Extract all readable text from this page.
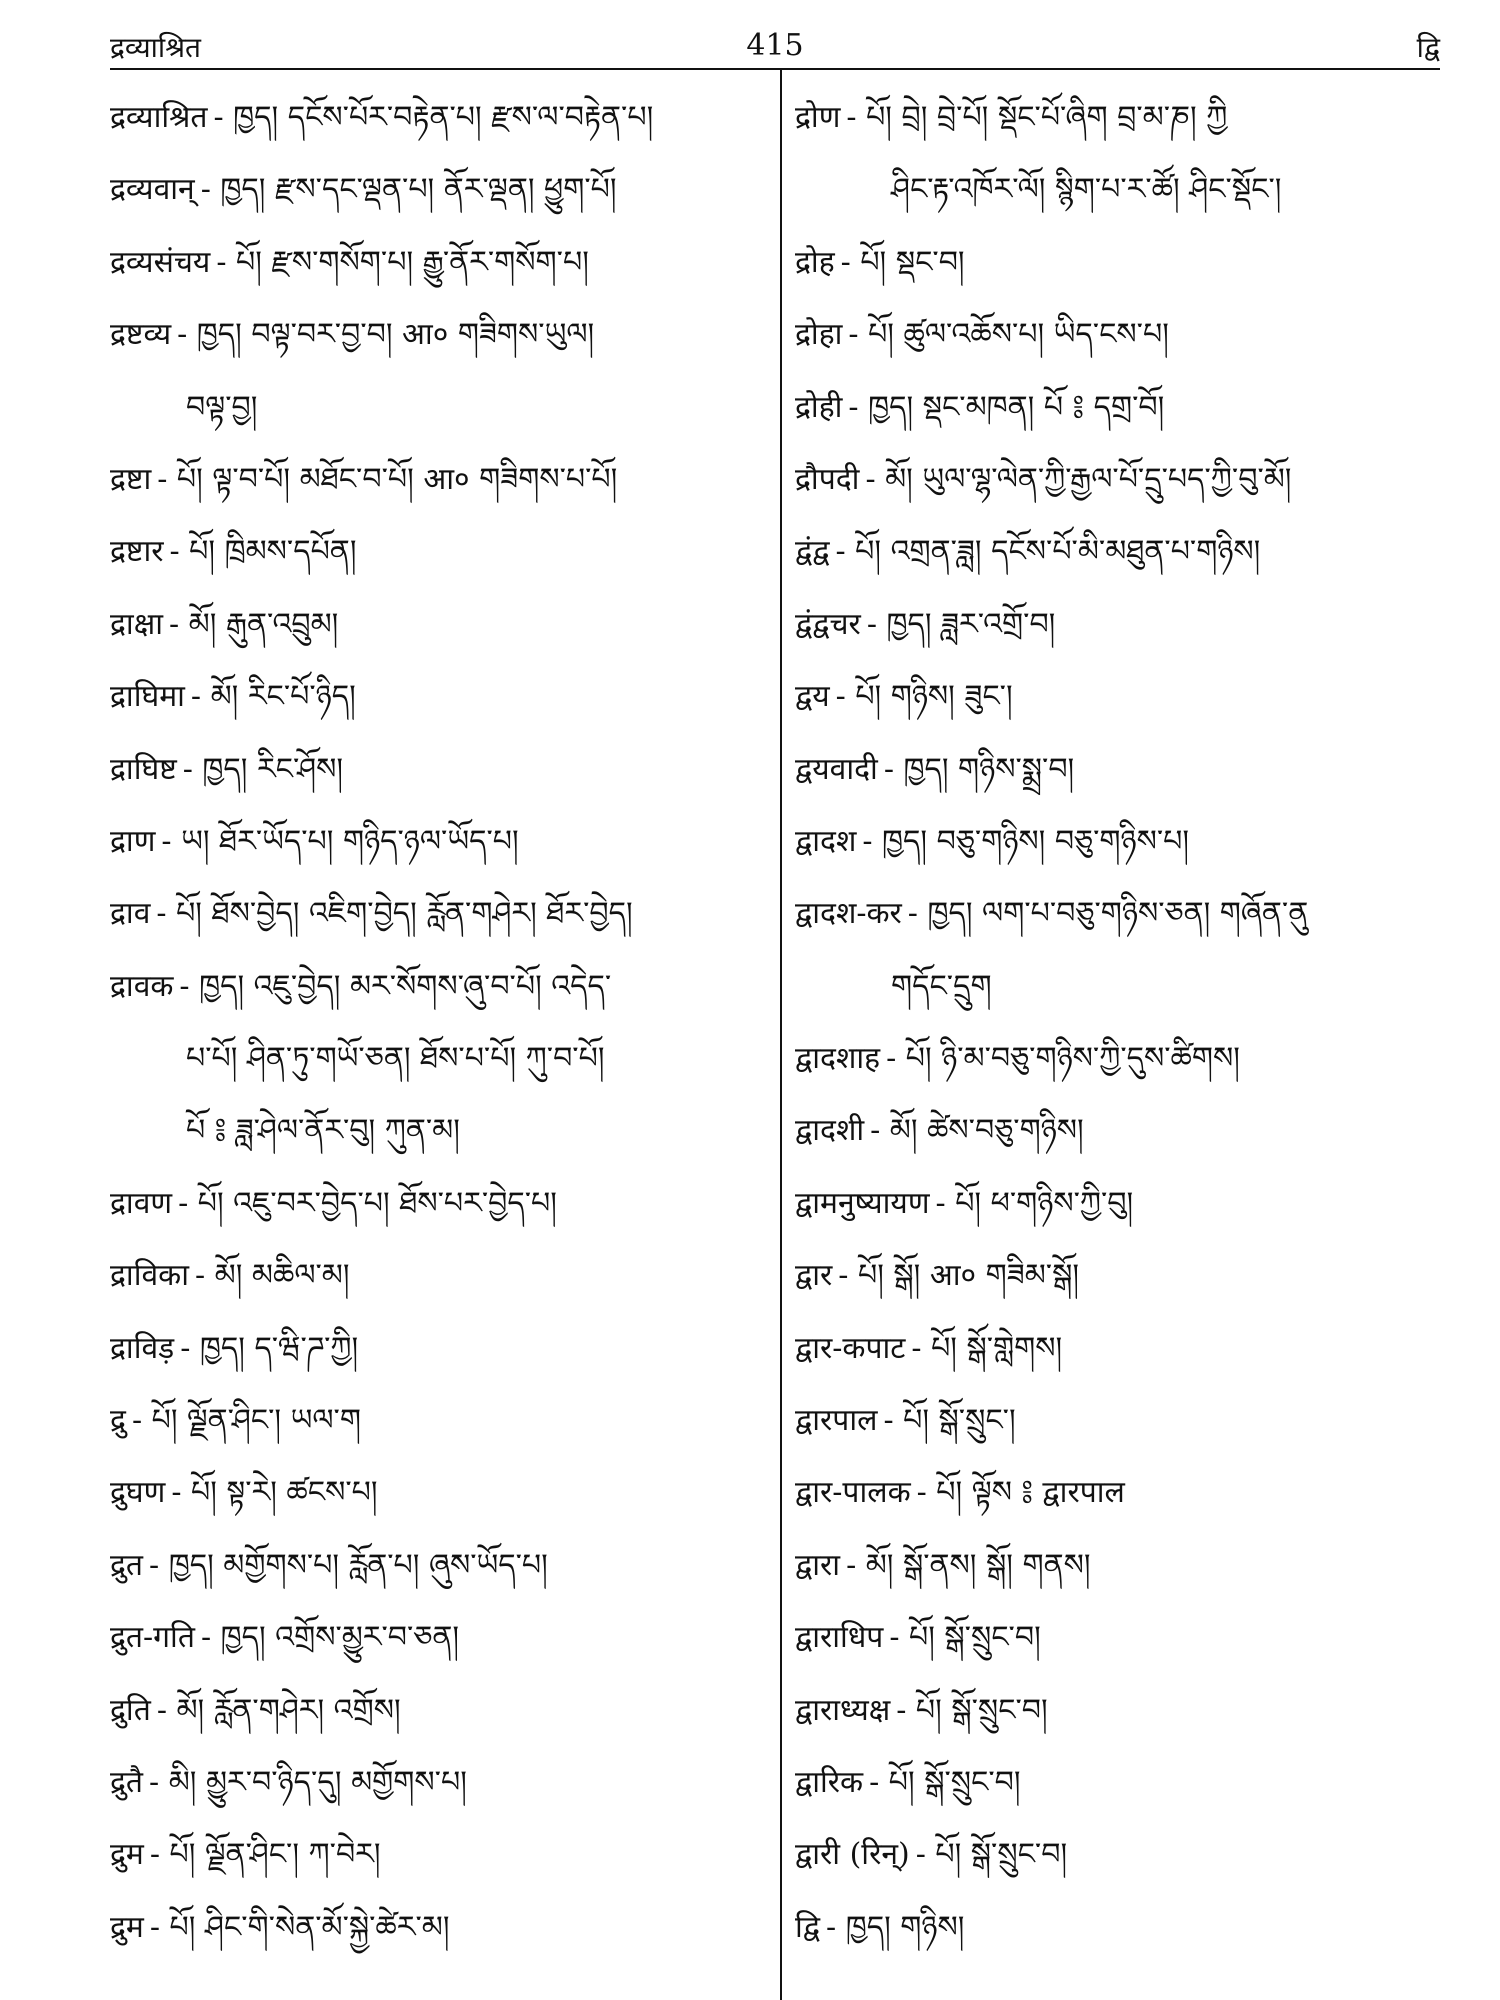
द्रव्याश्रित	415	द्वि
द्रव्याश्रित - ཁྱད། དངོས་པོར་བརྟེན་པ། རྫས་ལ་བརྟེན་པ།
द्रव्यवान् - ཁྱད། རྫས་དང་ལྡན་པ། ནོར་ལྡན། ཕྱུག་པོ།
द्रव्यसंचय - པོ། རྫས་གསོག་པ། རྒྱུ་ནོར་གསོག་པ།
द्रष्टव्य - ཁྱད། བལྟ་བར་བྱ་བ། आ० གཟིགས་ཡུལ།
བལྟ་བྱ།
द्रष्टा - པོ། ལྟ་བ་པོ། མཐོང་བ་པོ། आ० གཟིགས་པ་པོ།
द्रष्टार - པོ། ཁྲིམས་དཔོན།
द्राक्षा - མོ། རྒུན་འབྲུམ།
द्राघिमा - མོ། རིང་པོ་ཉིད།
द्राघिष्ट - ཁྱད། རིང་ཤོས།
द्राण - ཡ། ཐོར་ཡོད་པ། གཉིད་ཉལ་ཡོད་པ།
द्राव - པོ། ཐོས་བྱེད། འཇིག་བྱེད། རློན་གཤེར། ཐོར་བྱེད།
द्रावक - ཁྱད། འཇུ་བྱེད། མར་སོགས་ཞུ་བ་པོ། འདེད་
པ་པོ། ཤིན་ཏུ་གཡོ་ཅན། ཐོས་པ་པོ། ཀུ་བ་པོ།
པོ ༔ ཟླ་ཤེལ་ནོར་བུ། ཀུན་མ།
द्रावण - པོ། འཇུ་བར་བྱེད་པ། ཐོས་པར་བྱེད་པ།
द्राविका - མོ། མཆིལ་མ།
द्राविड़ - ཁྱད། ད་ཝི་ཌ་ཀྱི།
द्रु - པོ། ལྗོན་ཤིང་། ཡལ་ག
द्रुघण - པོ། སྟ་རེ། ཚངས་པ།
द्रुत - ཁྱད། མགྱོགས་པ། རློན་པ། ཞུས་ཡོད་པ།
द्रुत-गति - ཁྱད། འགྲོས་མྱུར་བ་ཅན།
द्रुति - མོ། རློན་གཤེར། འགྲོས།
द्रुतै - མི། མྱུར་བ་ཉིད་དུ། མགྱོགས་པ།
द्रुम - པོ། ལྗོན་ཤིང་། ཀ་བེར།
द्रुम - པོ། ཤིང་གི་སེན་མོ་སྐྱེ་ཚེར་མ།
द्रोण - པོ། བྲེ། བྲེ་པོ། སྡོང་པོ་ཞིག བྲ་མ་ཎ། ཀྱི
ཤིང་རྟ་འཁོར་ལོ། སྙིག་པ་ར་ཚོ། ཤིང་སྡོང་།
द्रोह - པོ། སྡང་བ།
द्रोहा - པོ། ཚུལ་འཆོས་པ། ཡིད་ངས་པ།
द्रोही - ཁྱད། སྡང་མཁན། པོ ༔ དགྲ་བོ།
द्रौपदी - མོ། ཡུལ་ལྷ་ལེན་ཀྱི་རྒྱལ་པོ་དྲུ་པད་ཀྱི་བུ་མོ།
द्वंद्व - པོ། འགྲན་ཟླ། དངོས་པོ་མི་མཐུན་པ་གཉིས།
द्वंद्वचर - ཁྱད། ཟླར་འགྲོ་བ།
द्वय - པོ། གཉིས། ཟུང་།
द्वयवादी - ཁྱད། གཉིས་སྨྲ་བ།
द्वादश - ཁྱད། བཅུ་གཉིས། བཅུ་གཉིས་པ།
द्वादश-कर - ཁྱད། ལག་པ་བཅུ་གཉིས་ཅན། གཞོན་ནུ
གདོང་དྲུག
द्वादशाह - པོ། ཉི་མ་བཅུ་གཉིས་ཀྱི་དུས་ཚིགས།
द्वादशी - མོ། ཚེས་བཅུ་གཉིས།
द्वामनुष्यायण - པོ། ཕ་གཉིས་ཀྱི་བུ།
द्वार - པོ། སྒོ། आ० གཟིམ་སྒོ།
द्वार-कपाट - པོ། སྒོ་གླེགས།
द्वारपाल - པོ། སྒོ་སྲུང་།
द्वार-पालक - པོ། ལྟོས ༔ द्वारपाल
द्वारा - མོ། སྒོ་ནས། སྒོ། གནས།
द्वाराधिप - པོ། སྒོ་སྲུང་བ།
द्वाराध्यक्ष - པོ། སྒོ་སྲུང་བ།
द्वारिक - པོ། སྒོ་སྲུང་བ།
द्वारी (रिन्) - པོ། སྒོ་སྲུང་བ།
द्वि - ཁྱད། གཉིས།
